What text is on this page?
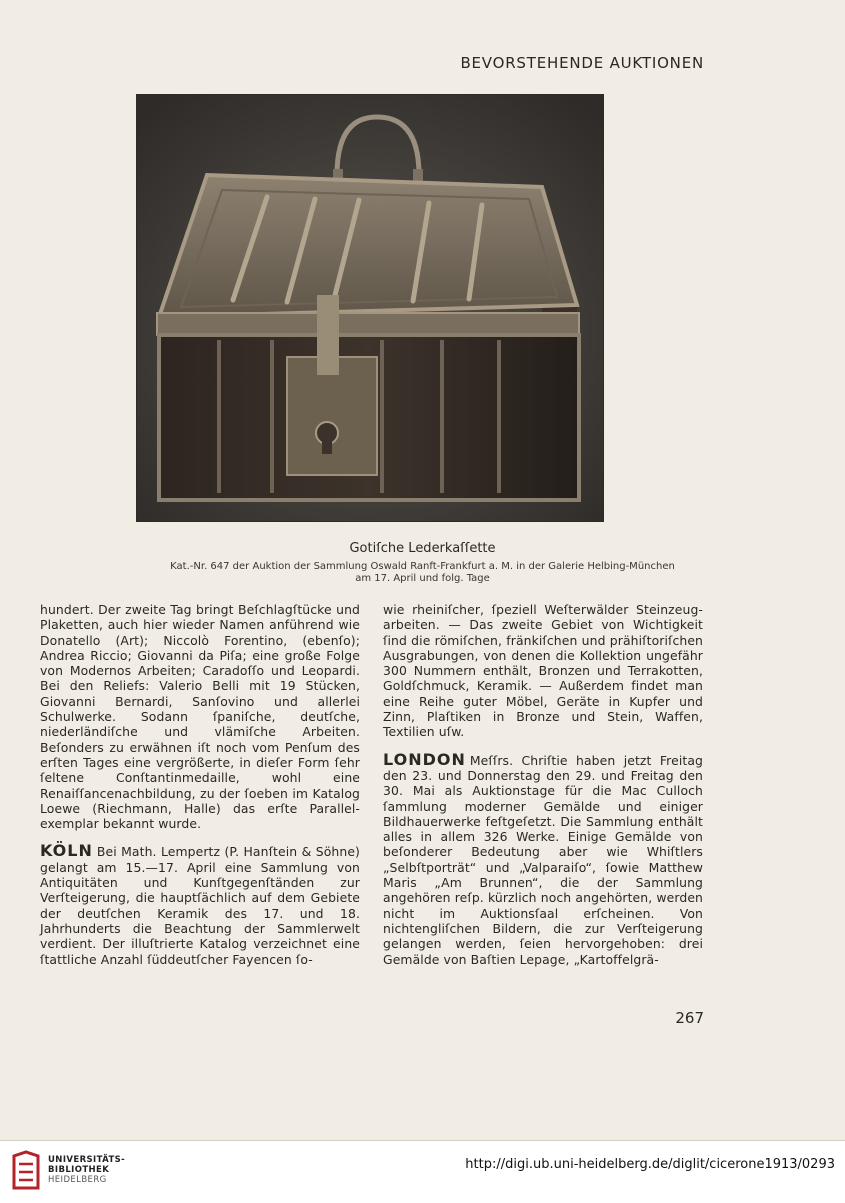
BEVORSTEHENDE AUKTIONEN
Gotiſche Lederkaſſette
Kat.-Nr. 647 der Auktion der Sammlung Oswald Ranft-Frankfurt a. M. in der Galerie Helbing-München
am 17. April und folg. Tage

hundert. Der zweite Tag bringt Beſchlagſtücke und Plaketten, auch hier wieder Namen anführend wie Donatello (Art); Niccolò Forentino, (ebenſo); Andrea Riccio; Giovanni da Piſa; eine große Folge von Modernos Arbeiten; Caradoſſo und Leopardi. Bei den Reliefs: Valerio Belli mit 19 Stücken, Giovanni Bernardi, Sanſovino und allerlei Schulwerke. Sodann ſpaniſche, deutſche, niederländiſche und vlämiſche Arbeiten. Beſonders zu erwähnen iſt noch vom Penſum des erſten Tages eine vergrößerte, in dieſer Form ſehr ſeltene Conſtantinmedaille, wohl eine Renaiſſancenachbildung, zu der ſoeben im Katalog Loewe (Riechmann, Halle) das erſte Parallel-exemplar bekannt wurde.

KÖLN Bei Math. Lempertz (P. Hanſtein & Söhne) gelangt am 15.—17. April eine Sammlung von Antiquitäten und Kunſtgegenſtänden zur Verſteigerung, die hauptſächlich auf dem Gebiete der deutſchen Keramik des 17. und 18. Jahrhunderts die Beachtung der Sammlerwelt verdient. Der illuſtrierte Katalog verzeichnet eine ſtattliche Anzahl ſüddeutſcher Fayencen ſo-

wie rheiniſcher, ſpeziell Weſterwälder Steinzeug-arbeiten. — Das zweite Gebiet von Wichtigkeit ſind die römiſchen, fränkiſchen und prähiſtoriſchen Ausgrabungen, von denen die Kollektion ungefähr 300 Nummern enthält, Bronzen und Terrakotten, Goldſchmuck, Keramik. — Außerdem findet man eine Reihe guter Möbel, Geräte in Kupfer und Zinn, Plaſtiken in Bronze und Stein, Waffen, Textilien uſw.

LONDON Meſſrs. Chriſtie haben jetzt Freitag den 23. und Donnerstag den 29. und Freitag den 30. Mai als Auktionstage für die Mac Culloch ſammlung moderner Gemälde und einiger Bildhauerwerke feſtgeſetzt. Die Sammlung enthält alles in allem 326 Werke. Einige Gemälde von beſonderer Bedeutung aber wie Whiſtlers „Selbſtporträt“ und „Valparaiſo“, ſowie Matthew Maris „Am Brunnen“, die der Sammlung angehören reſp. kürzlich noch angehörten, werden nicht im Auktionsſaal erſcheinen. Von nichtengliſchen Bildern, die zur Verſteigerung gelangen werden, ſeien hervorgehoben: drei Gemälde von Baſtien Lepage, „Kartoffelgrä-

267
UNIVERSITÄTS-
BIBLIOTHEK
HEIDELBERG
http://digi.ub.uni-heidelberg.de/diglit/cicerone1913/0293
